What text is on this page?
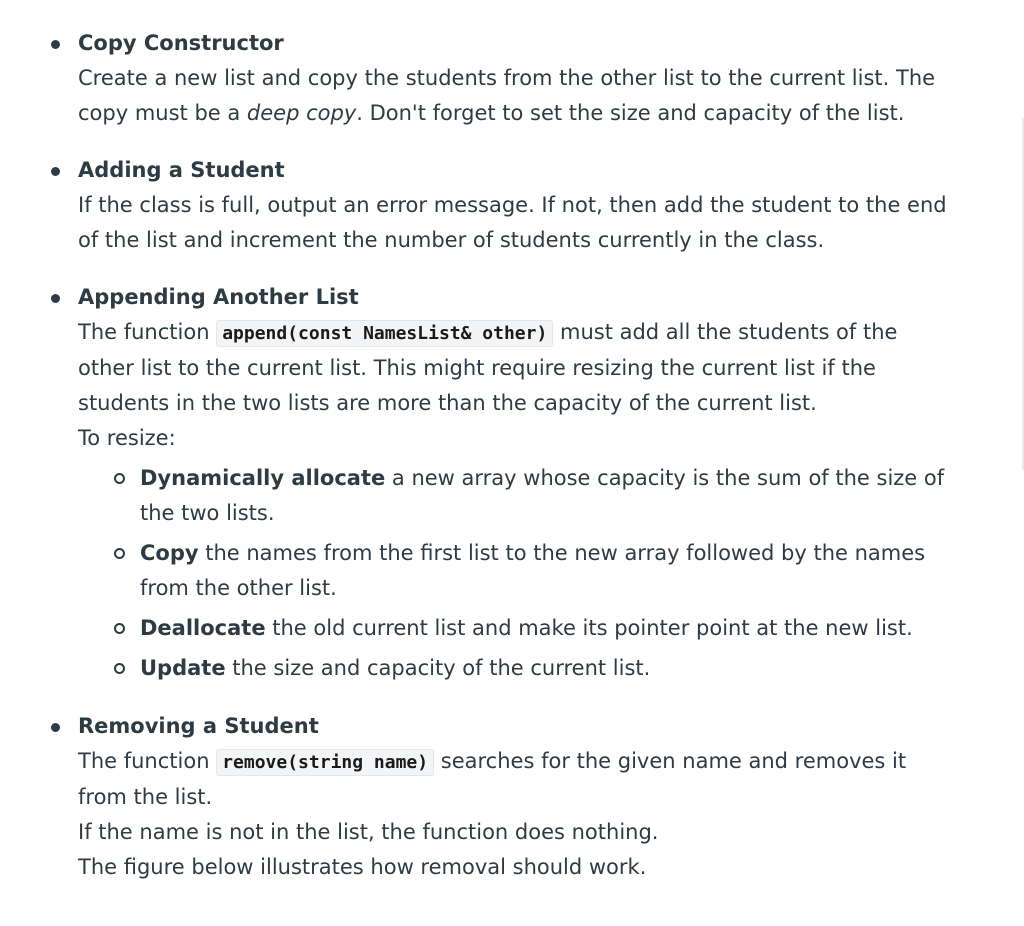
Copy Constructor
Create a new list and copy the students from the other list to the current list. The
copy must be a deep copy. Don't forget to set the size and capacity of the list.
Adding a Student
If the class is full, output an error message. If not, then add the student to the end
of the list and increment the number of students currently in the class.
Appending Another List
The function append(const NamesList& other) must add all the students of the
other list to the current list. This might require resizing the current list if the
students in the two lists are more than the capacity of the current list.
To resize:
Dynamically allocate a new array whose capacity is the sum of the size of
the two lists.
Copy the names from the first list to the new array followed by the names
from the other list.
Deallocate the old current list and make its pointer point at the new list.
Update the size and capacity of the current list.
Removing a Student
The function remove(string name) searches for the given name and removes it
from the list.
If the name is not in the list, the function does nothing.
The figure below illustrates how removal should work.
